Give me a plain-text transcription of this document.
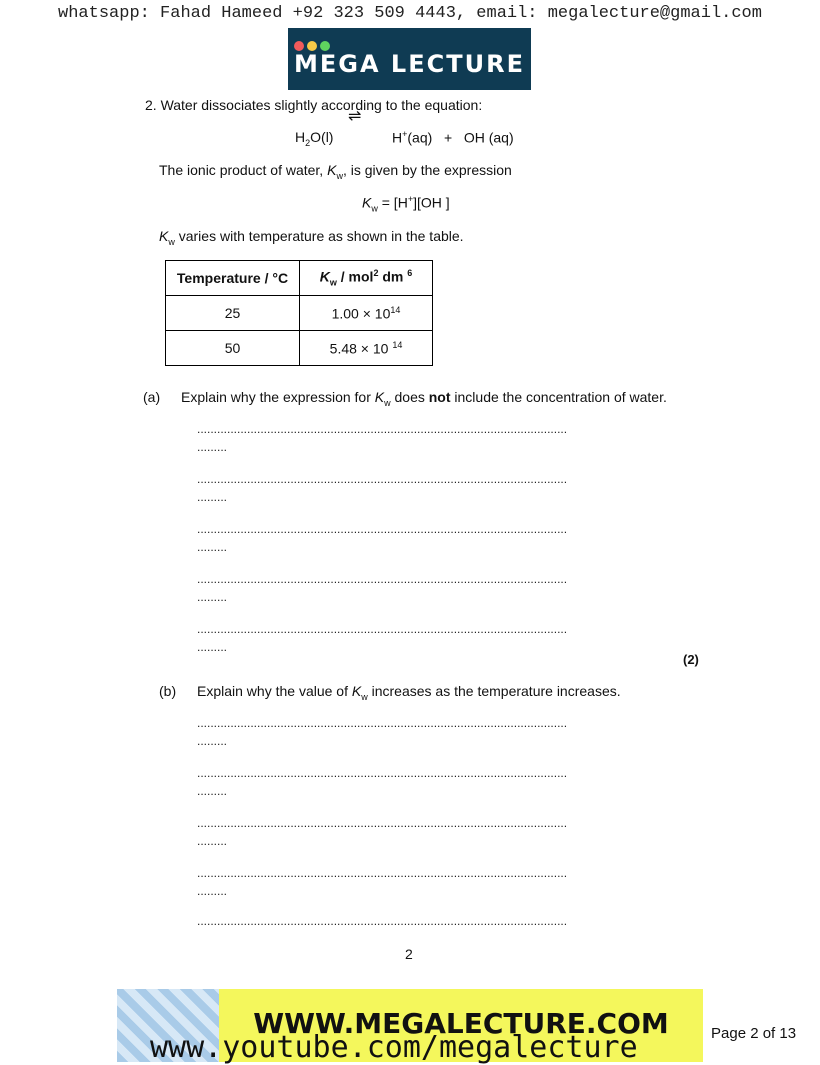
whatsapp: Fahad Hameed +92 323 509 4443, email: megalecture@gmail.com
MEGA LECTURE
2. Water dissociates slightly according to the equation:
$H_2O(l)$
⇌
H+(aq) + OH (aq)
The ionic product of water, $K_w$, is given by the expression
$K_w = [H^+][OH$ ]
$K_w$ varies with temperature as shown in the table.
Temperature / °C	$K_w / mol^2$ dm $^6$
25	$1.00 \times 10^{14}$
50	5.48 × 10 $^{14}$
(a) Explain why the expression for $K_w$ does not include the concentration of water.
...............................................................................................................
.........
...............................................................................................................
.........
...............................................................................................................
.........
...............................................................................................................
.........
...............................................................................................................
.........
(2)
(b) Explain why the value of $K_w$ increases as the temperature increases.
...............................................................................................................
.........
...............................................................................................................
.........
...............................................................................................................
.........
...............................................................................................................
.........
...............................................................................................................
2
WWW.MEGALECTURE.COM
www.youtube.com/megalecture	Page 2 of 13
